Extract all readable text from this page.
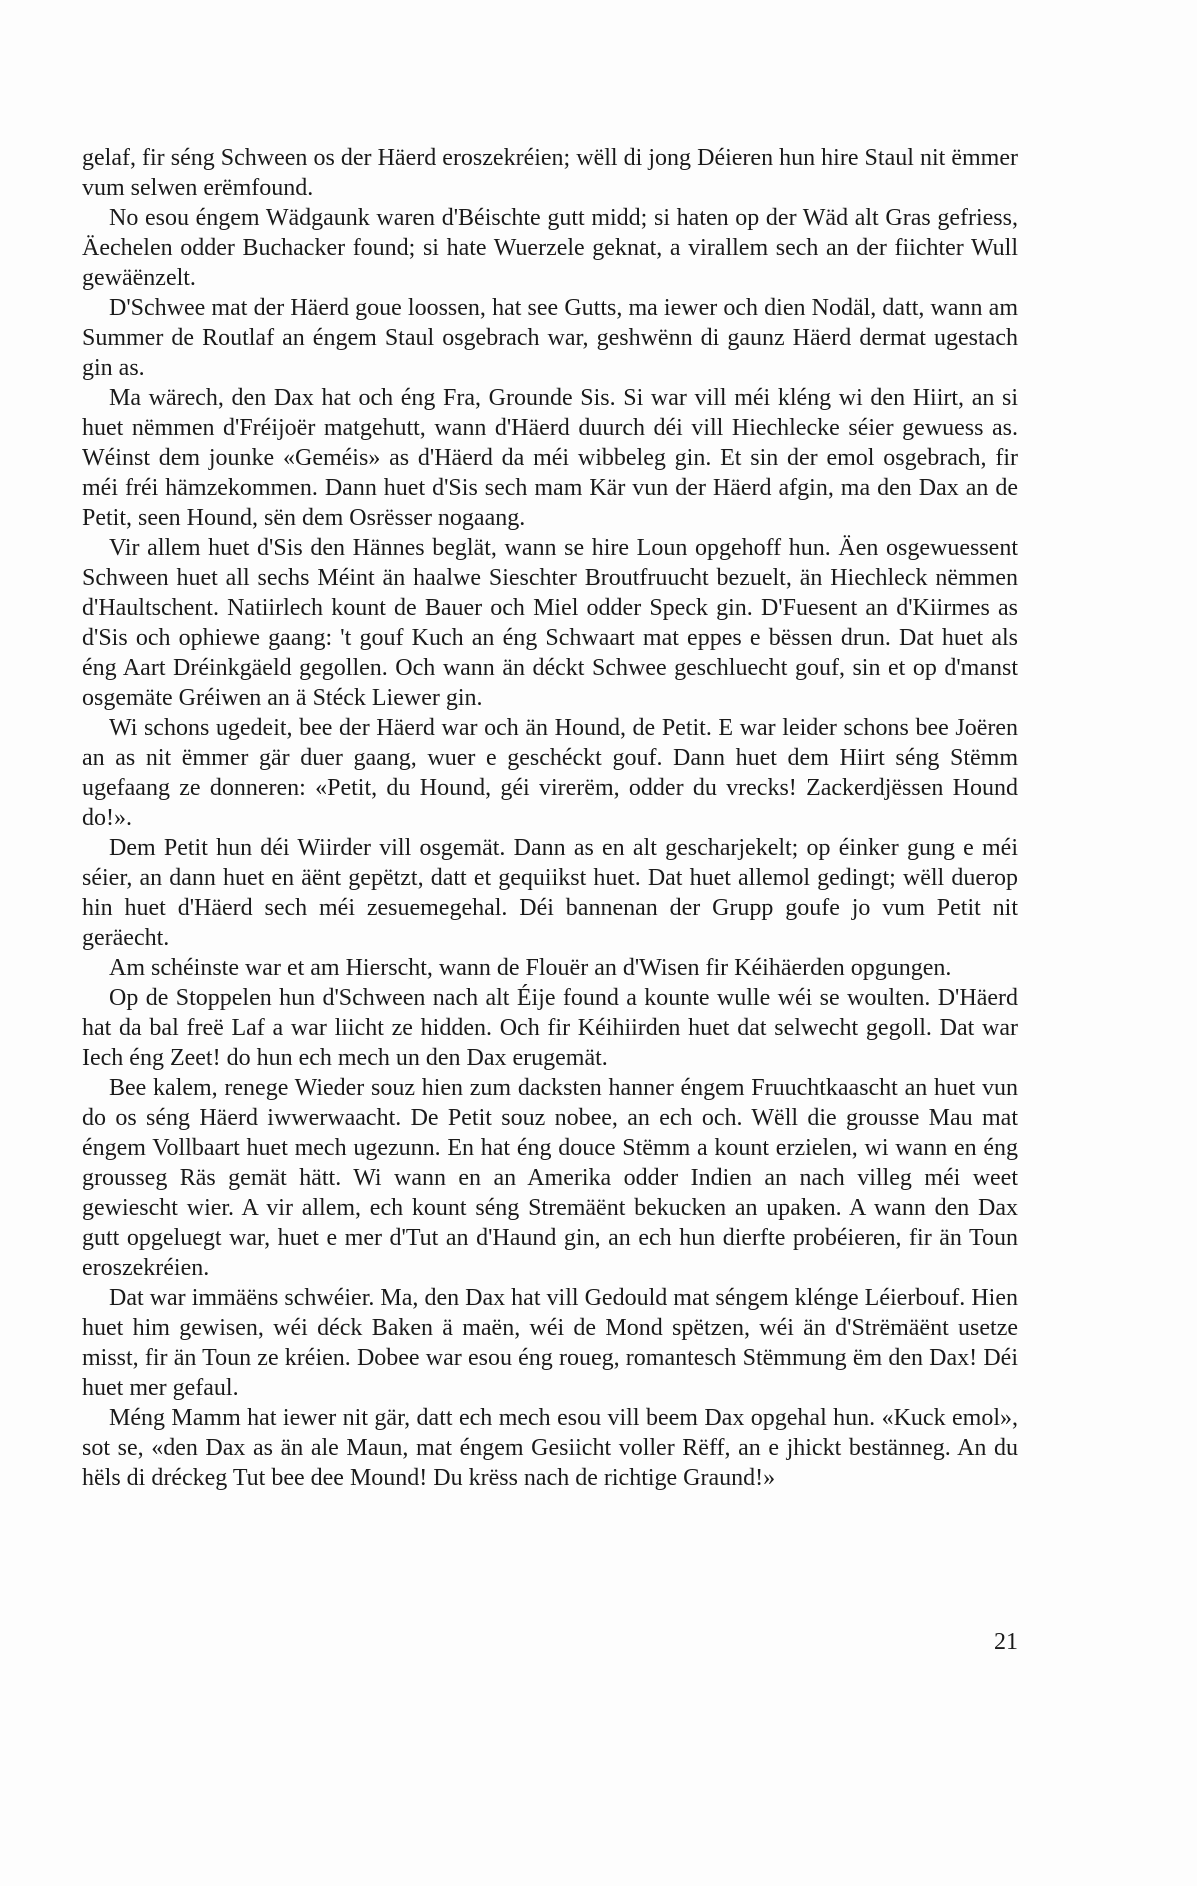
gelaf, fir séng Schween os der Häerd eroszekréien; wëll di jong Déieren hun hire Staul nit ëmmer vum selwen erëmfound.

No esou éngem Wädgaunk waren d'Béischte gutt midd; si haten op der Wäd alt Gras gefriess, Äechelen odder Buchacker found; si hate Wuerzele geknat, a virallem sech an der fiichter Wull gewäënzelt.

D'Schwee mat der Häerd goue loossen, hat see Gutts, ma iewer och dien Nodäl, datt, wann am Summer de Routlaf an éngem Staul osgebrach war, geshwënn di gaunz Häerd dermat ugestach gin as.

Ma wärech, den Dax hat och éng Fra, Grounde Sis. Si war vill méi kléng wi den Hiirt, an si huet nëmmen d'Fréijoër matgehutt, wann d'Häerd duurch déi vill Hiechlecke séier gewuess as. Wéinst dem jounke «Geméis» as d'Häerd da méi wibbeleg gin. Et sin der emol osgebrach, fir méi fréi hämzekommen. Dann huet d'Sis sech mam Kär vun der Häerd afgin, ma den Dax an de Petit, seen Hound, sën dem Osrësser nogaang.

Vir allem huet d'Sis den Hännes beglät, wann se hire Loun opgehoff hun. Äen osgewuessent Schween huet all sechs Méint än haalwe Sieschter Broutfruucht bezuelt, än Hiechleck nëmmen d'Haultschent. Natiirlech kount de Bauer och Miel odder Speck gin. D'Fuesent an d'Kiirmes as d'Sis och ophiewe gaang: 't gouf Kuch an éng Schwaart mat eppes e bëssen drun. Dat huet als éng Aart Dréinkgäeld gegollen. Och wann än déckt Schwee geschluecht gouf, sin et op d'manst osgemäte Gréiwen an ä Stéck Liewer gin.

Wi schons ugedeit, bee der Häerd war och än Hound, de Petit. E war leider schons bee Joëren an as nit ëmmer gär duer gaang, wuer e geschéckt gouf. Dann huet dem Hiirt séng Stëmm ugefaang ze donneren: «Petit, du Hound, géi virerëm, odder du vrecks! Zackerdjëssen Hound do!».

Dem Petit hun déi Wiirder vill osgemät. Dann as en alt gescharjekelt; op éinker gung e méi séier, an dann huet en äënt gepëtzt, datt et gequiikst huet. Dat huet allemol gedingt; wëll duerop hin huet d'Häerd sech méi zesuemegehal. Déi bannenan der Grupp goufe jo vum Petit nit geräecht.

Am schéinste war et am Hierscht, wann de Flouër an d'Wisen fir Kéihäerden opgungen.

Op de Stoppelen hun d'Schween nach alt Éije found a kounte wulle wéi se woulten. D'Häerd hat da bal freë Laf a war liicht ze hidden. Och fir Kéihiirden huet dat selwecht gegoll. Dat war Iech éng Zeet! do hun ech mech un den Dax erugemät.

Bee kalem, renege Wieder souz hien zum dacksten hanner éngem Fruuchtkaascht an huet vun do os séng Häerd iwwerwaacht. De Petit souz nobee, an ech och. Wëll die grousse Mau mat éngem Vollbaart huet mech ugezunn. En hat éng douce Stëmm a kount erzielen, wi wann en éng grousseg Räs gemät hätt. Wi wann en an Amerika odder Indien an nach villeg méi weet gewiescht wier. A vir allem, ech kount séng Stremäënt bekucken an upaken. A wann den Dax gutt opgeluegt war, huet e mer d'Tut an d'Haund gin, an ech hun dierfte probéieren, fir än Toun eroszekréien.

Dat war immäëns schwéier. Ma, den Dax hat vill Gedould mat séngem kléngе Léierbouf. Hien huet him gewisen, wéi déck Baken ä maën, wéi de Mond spëtzen, wéi än d'Strëmäënt usetze misst, fir än Toun ze kréien. Dobee war esou éng roueg, romantesch Stëmmung ëm den Dax! Déi huet mer gefaul.

Méng Mamm hat iewer nit gär, datt ech mech esou vill beem Dax opgehal hun. «Kuck emol», sot se, «den Dax as än ale Maun, mat éngem Gesiicht voller Rëff, an e jhickt bestänneg. An du hëls di dréckeg Tut bee dee Mound! Du krëss nach de richtige Graund!»

21
